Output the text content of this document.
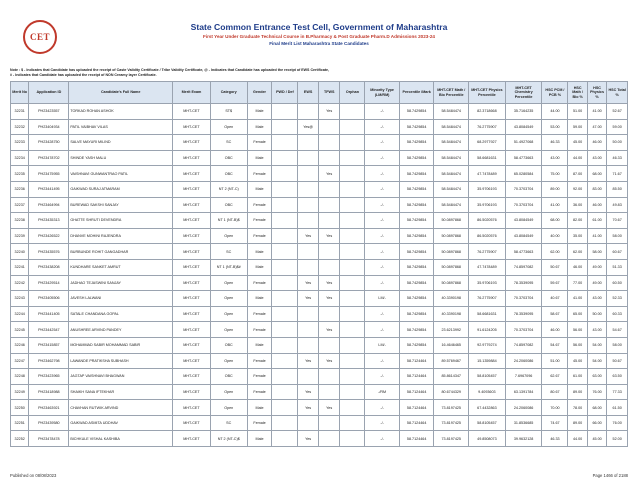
CET
State Common Entrance Test Cell, Government of Maharashtra
First Year Under Graduate Technical Course in B.Pharmacy & Post Graduate Pharm.D Admissions 2023-24
Final Merit List Maharashtra State Candidates
Note : $ - Indicates that Candidate has uploaded the receipt of Caste Validity Certificate / Tribe Validity Certificate, @ - Indicates that Candidate has uploaded the receipt of EWS Certificate,
# - Indicates that Candidate has uploaded the receipt of NON Creamy layer Certificate.
Merit No	Application ID	Candidate's Full Name	Merit Exam	Category	Gender	PWD / Def	EWS	TFWS	Orphan	Minority Type (LM/RM)	Percentile /Mark	MHT-CET Math / Bio Percentile	MHT-CET Physics Percentile	MHT-CET Chemistry Percentile	HSC PCM / PCB %	HSC Math / Bio %	HSC Physics %	HSC Total %
32231	PH23423557	TORKAD ROHAN ASHOK	MHT-CET	ST$	Male			Yes		-/-	58.7429854	58.5484474	82.3718668	35.7164235	44.00	51.00	41.00	52.67
32232	PH23404934	PATIL VAIBHAV VILAS	MHT-CET	Open	Male		Yes@			-/-	58.7429854	58.5484474	76.2775907	43.8084549	53.00	59.00	47.00	59.00
32233	PH23428750	SALVE MAYURI MILIND	MHT-CET	SC	Female					-/-	58.7429854	58.5484474	68.2977927	51.4927068	46.33	45.00	46.00	50.00
32234	PH23478702	SHINDE YASH MALU	MHT-CET	OBC	Male					-/-	58.7429854	58.5484474	58.6681631	58.4773663	43.00	44.00	43.00	46.33
32235	PH23475955	VAISHNAVI GUNWANTRAO PATIL	MHT-CET	OBC	Female			Yes		-/-	58.7429854	58.5484474	47.7478489	65.0280584	75.00	87.00	68.00	71.67
32236	PH23441495	GAIKWAD SURAJ ATMARAM	MHT-CET	NT 2 (NT-C)	Male					-/-	58.7429854	58.5484474	35.9706193	70.3703704	89.00	92.00	83.00	85.50
32237	PH23464994	BUREWAD SAKSHI SANJAY	MHT-CET	OBC	Female					-/-	58.7429854	58.5484474	35.9706193	70.3703704	41.00	36.00	46.00	49.83
32238	PH23435313	GHATTE SHRUTI DEVENDRA	MHT-CET	NT 1 (NT-B)$	Female					-/-	58.7429854	50.0897868	86.5020576	43.8084549	68.00	82.00	61.00	70.67
32239	PH23426522	DHANVE MOHINI RAJENDRA	MHT-CET	Open	Female		Yes	Yes		-/-	58.7429854	50.0897868	86.5020576	43.8084549	40.00	35.00	41.00	58.00
32240	PH23435576	BURBUNDE ROHIT GANGADHAR	MHT-CET	SC	Male					-/-	58.7429854	50.0897868	76.2775907	58.4773663	62.00	62.00	58.00	60.67
32241	PH23438208	KUNDHARE SANKET AMRUT	MHT-CET	NT 1 (NT-B)$#	Male					-/-	58.7429854	50.0897868	47.7478489	74.8597082	50.67	46.00	49.00	51.33
32242	PH23429514	JADHAO TEJASWINI SANJAY	MHT-CET	Open	Female		Yes	Yes		-/-	58.7429854	50.0897868	35.9706193	78.3539095	59.67	77.00	49.00	60.50
32243	PH23405506	JAVESH LALWANI	MHT-CET	Open	Male		Yes	Yes		LM/-	58.7429854	40.3390198	76.2775907	70.3703704	40.67	41.00	43.00	52.33
32244	PH23441405	SATALE CHANDANA GOPAL	MHT-CET	Open	Female					-/-	58.7429854	40.3390198	58.6681631	78.3539095	58.67	65.00	50.00	60.33
32245	PH23442547	ANUSHREE ARVIND PANDEY	MHT-CET	Open	Female			Yes		-/-	58.7429854	23.6213992	91.6124205	70.3703704	46.00	56.00	43.00	54.67
32246	PH23415857	MOHAMMAD SABIR MOHAMMAD SABIR	MHT-CET	OBC	Male					LM/-	58.7429854	16.4646465	92.9779274	74.8597082	54.67	56.00	54.00	58.00
32247	PH23462798	LAWANDE PRATIKSHA SUBHASH	MHT-CET	Open	Female		Yes	Yes		-/-	58.7124464	89.5769467	15.1359884	24.2060086	51.00	45.00	54.00	50.67
32248	PH23423965	JAGTAP VAISHNAVI BHAGWAN	MHT-CET	OBC	Female					-/-	58.7124464	85.8614347	58.8105457	7.6967096	62.67	61.00	63.00	63.50
32249	PH23418988	SHAIKH SANA IFTEKHAR	MHT-CET	Open	Female		Yes			-/RM	58.7124464	80.6744329	9.4093603	63.1391784	80.67	89.00	76.00	77.33
32250	PH23463921	CHAVHAN RUTWIK ARVIND	MHT-CET	Open	Male		Yes	Yes		-/-	58.7124464	73.8197425	67.4432863	24.2060086	70.00	78.00	68.00	61.50
32251	PH23439580	GAIKWAD ASMITA UDDHAV	MHT-CET	SC	Female					-/-	58.7124464	73.8197425	58.8105457	31.8536685	74.67	89.00	66.00	76.00
32252	PH23478478	BICHKULE VISHAL KASHIBA	MHT-CET	NT 2 (NT-C)$	Male		Yes			-/-	58.7124464	73.8197425	49.8508073	39.9632128	46.33	44.00	45.00	52.00
Published on 08/08/2023	Page 1466 of 2188
